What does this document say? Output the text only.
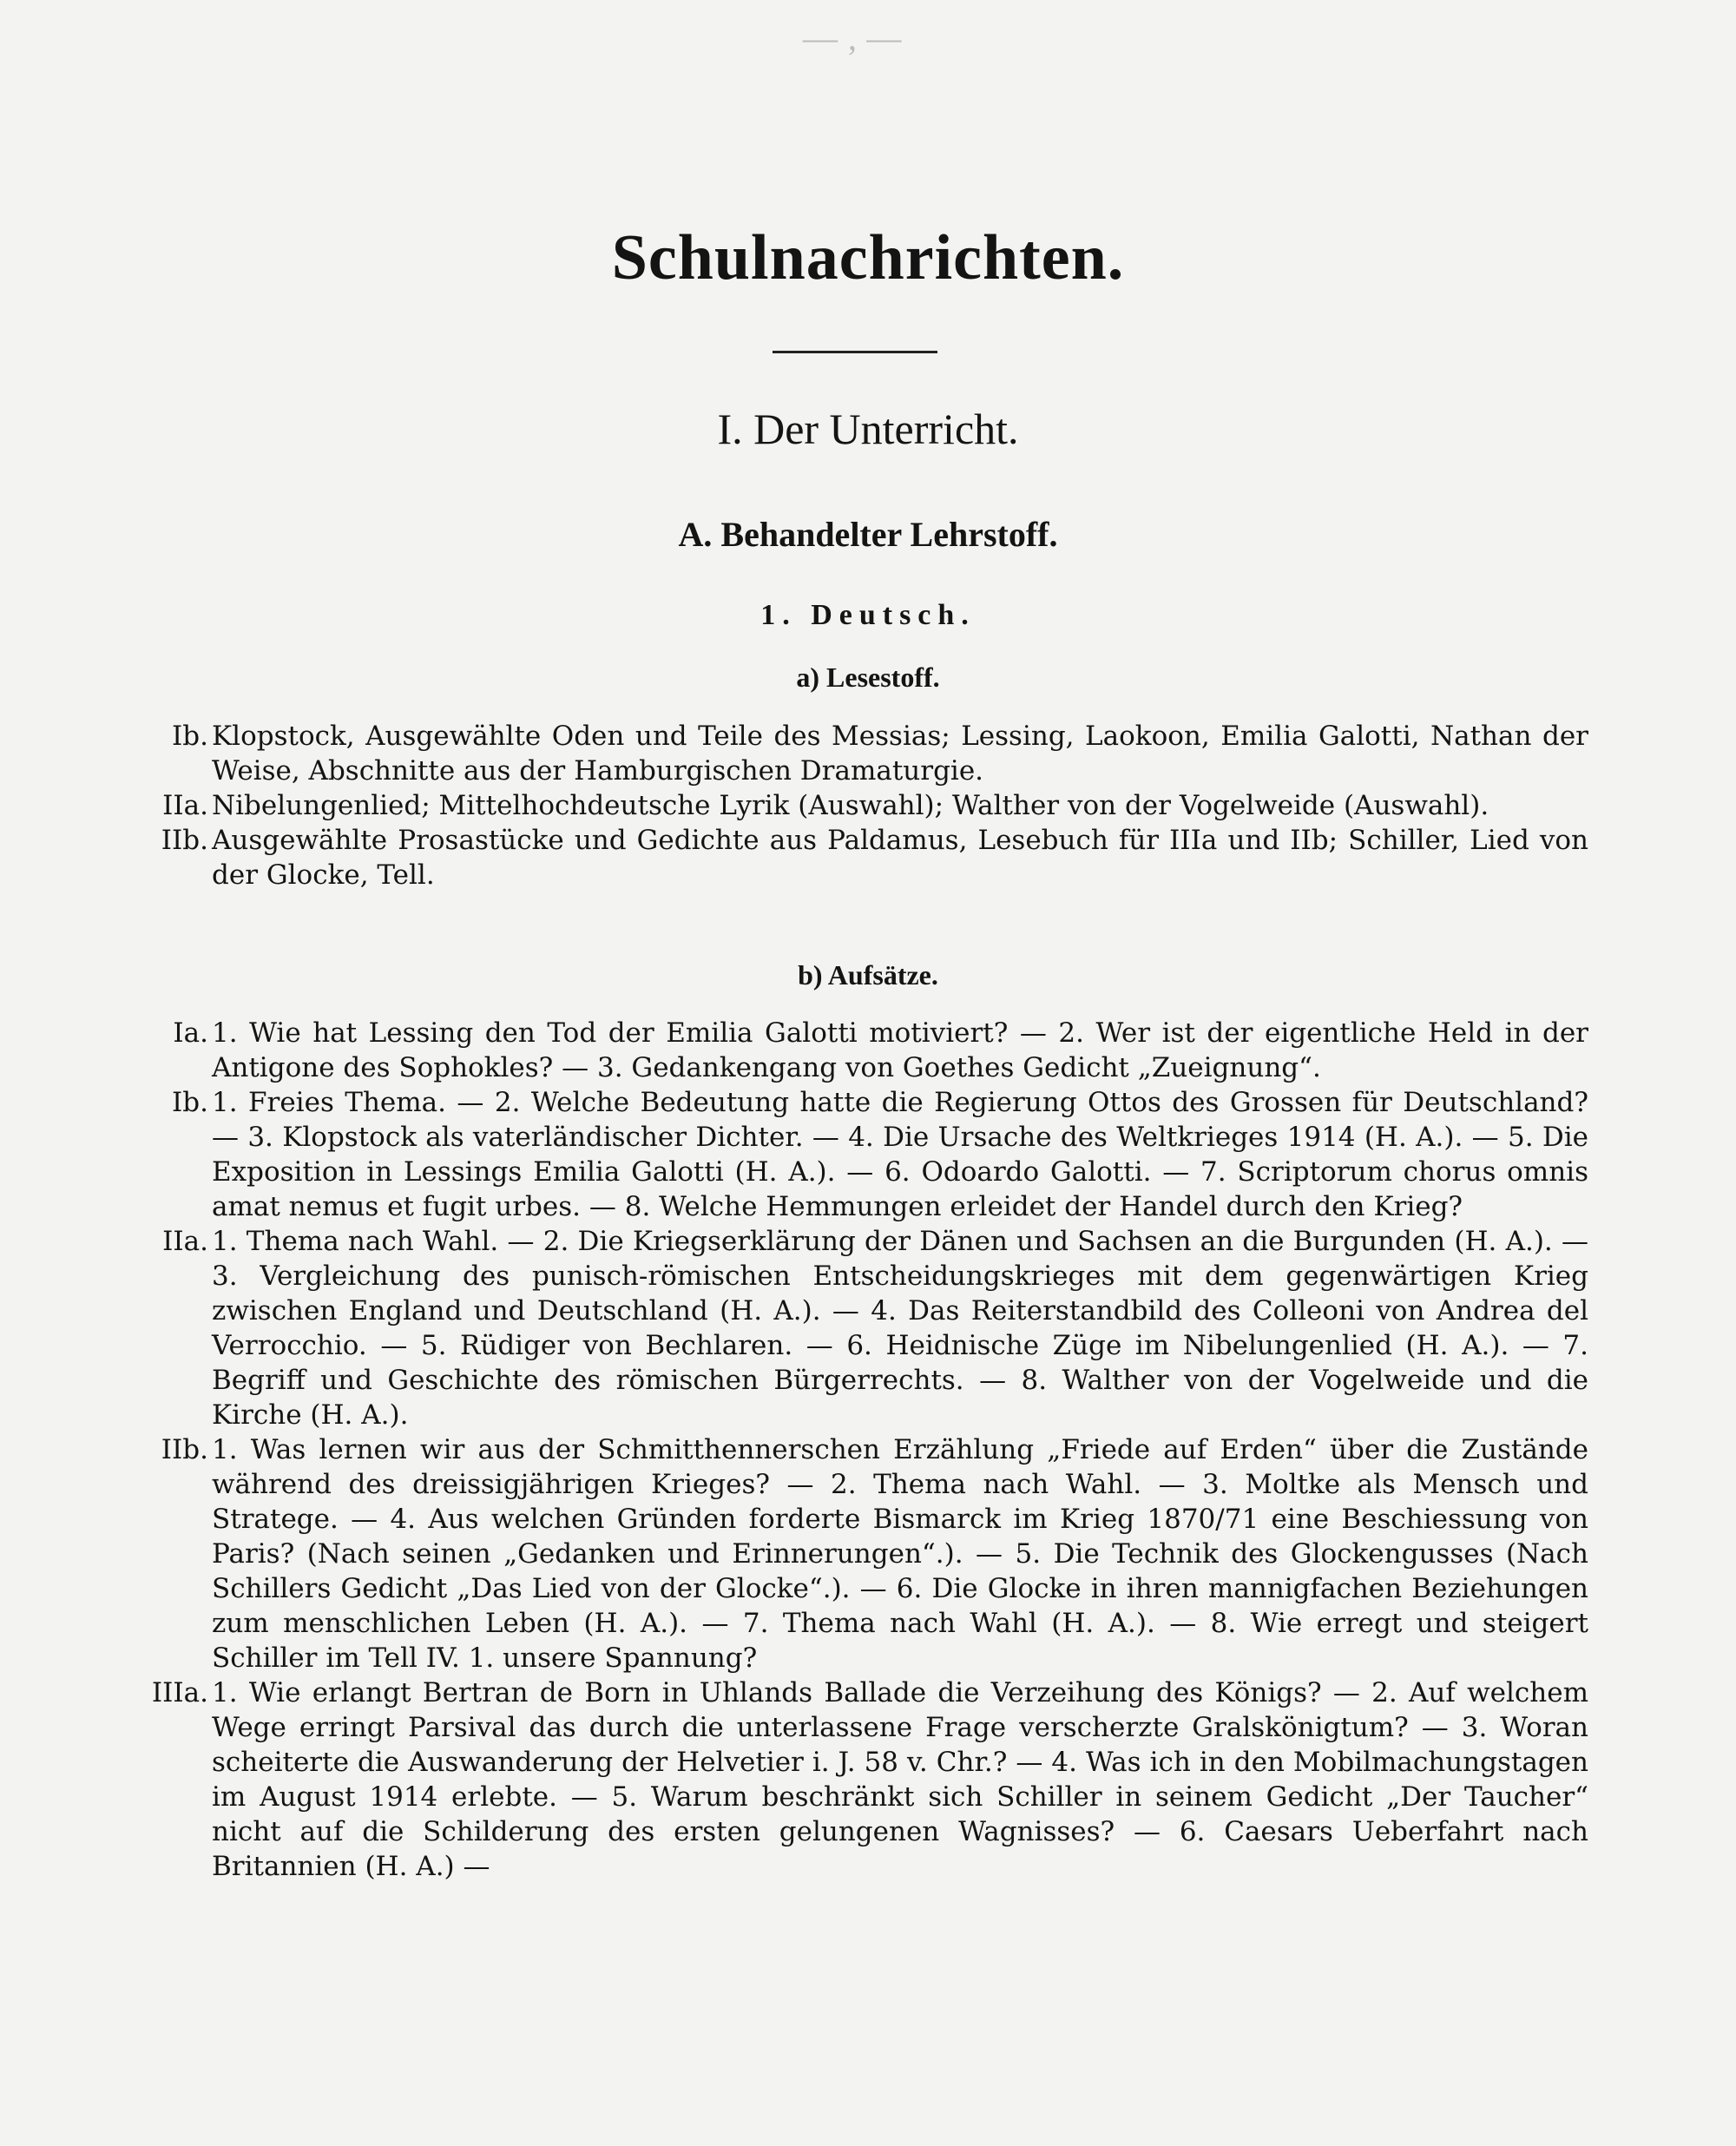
— ‚ —
Schulnachrichten.
I. Der Unterricht.
A. Behandelter Lehrstoff.
1. Deutsch.
a) Lesestoff.
Ib. Klopstock, Ausgewählte Oden und Teile des Messias; Lessing, Laokoon, Emilia Galotti, Nathan der Weise, Abschnitte aus der Hamburgischen Dramaturgie.
IIa. Nibelungenlied; Mittelhochdeutsche Lyrik (Auswahl); Walther von der Vogelweide (Auswahl).
IIb. Ausgewählte Prosastücke und Gedichte aus Paldamus, Lesebuch für IIIa und IIb; Schiller, Lied von der Glocke, Tell.
b) Aufsätze.
Ia. 1. Wie hat Lessing den Tod der Emilia Galotti motiviert? — 2. Wer ist der eigentliche Held in der Antigone des Sophokles? — 3. Gedankengang von Goethes Gedicht „Zueignung“.
Ib. 1. Freies Thema. — 2. Welche Bedeutung hatte die Regierung Ottos des Grossen für Deutschland? — 3. Klopstock als vaterländischer Dichter. — 4. Die Ursache des Weltkrieges 1914 (H. A.). — 5. Die Exposition in Lessings Emilia Galotti (H. A.). — 6. Odoardo Galotti. — 7. Scriptorum chorus omnis amat nemus et fugit urbes. — 8. Welche Hemmungen erleidet der Handel durch den Krieg?
IIa. 1. Thema nach Wahl. — 2. Die Kriegserklärung der Dänen und Sachsen an die Burgunden (H. A.). — 3. Vergleichung des punisch-römischen Entscheidungskrieges mit dem gegenwärtigen Krieg zwischen England und Deutschland (H. A.). — 4. Das Reiterstandbild des Colleoni von Andrea del Verrocchio. — 5. Rüdiger von Bechlaren. — 6. Heidnische Züge im Nibelungenlied (H. A.). — 7. Begriff und Geschichte des römischen Bürgerrechts. — 8. Walther von der Vogelweide und die Kirche (H. A.).
IIb. 1. Was lernen wir aus der Schmitthennerschen Erzählung „Friede auf Erden“ über die Zustände während des dreissigjährigen Krieges? — 2. Thema nach Wahl. — 3. Moltke als Mensch und Stratege. — 4. Aus welchen Gründen forderte Bismarck im Krieg 1870/71 eine Beschiessung von Paris? (Nach seinen „Gedanken und Erinnerungen“.). — 5. Die Technik des Glockengusses (Nach Schillers Gedicht „Das Lied von der Glocke“.). — 6. Die Glocke in ihren mannigfachen Beziehungen zum menschlichen Leben (H. A.). — 7. Thema nach Wahl (H. A.). — 8. Wie erregt und steigert Schiller im Tell IV. 1. unsere Spannung?
IIIa. 1. Wie erlangt Bertran de Born in Uhlands Ballade die Verzeihung des Königs? — 2. Auf welchem Wege erringt Parsival das durch die unterlassene Frage verscherzte Gralskönigtum? — 3. Woran scheiterte die Auswanderung der Helvetier i. J. 58 v. Chr.? — 4. Was ich in den Mobilmachungstagen im August 1914 erlebte. — 5. Warum beschränkt sich Schiller in seinem Gedicht „Der Taucher“ nicht auf die Schilderung des ersten gelungenen Wagnisses? — 6. Caesars Ueberfahrt nach Britannien (H. A.) —
